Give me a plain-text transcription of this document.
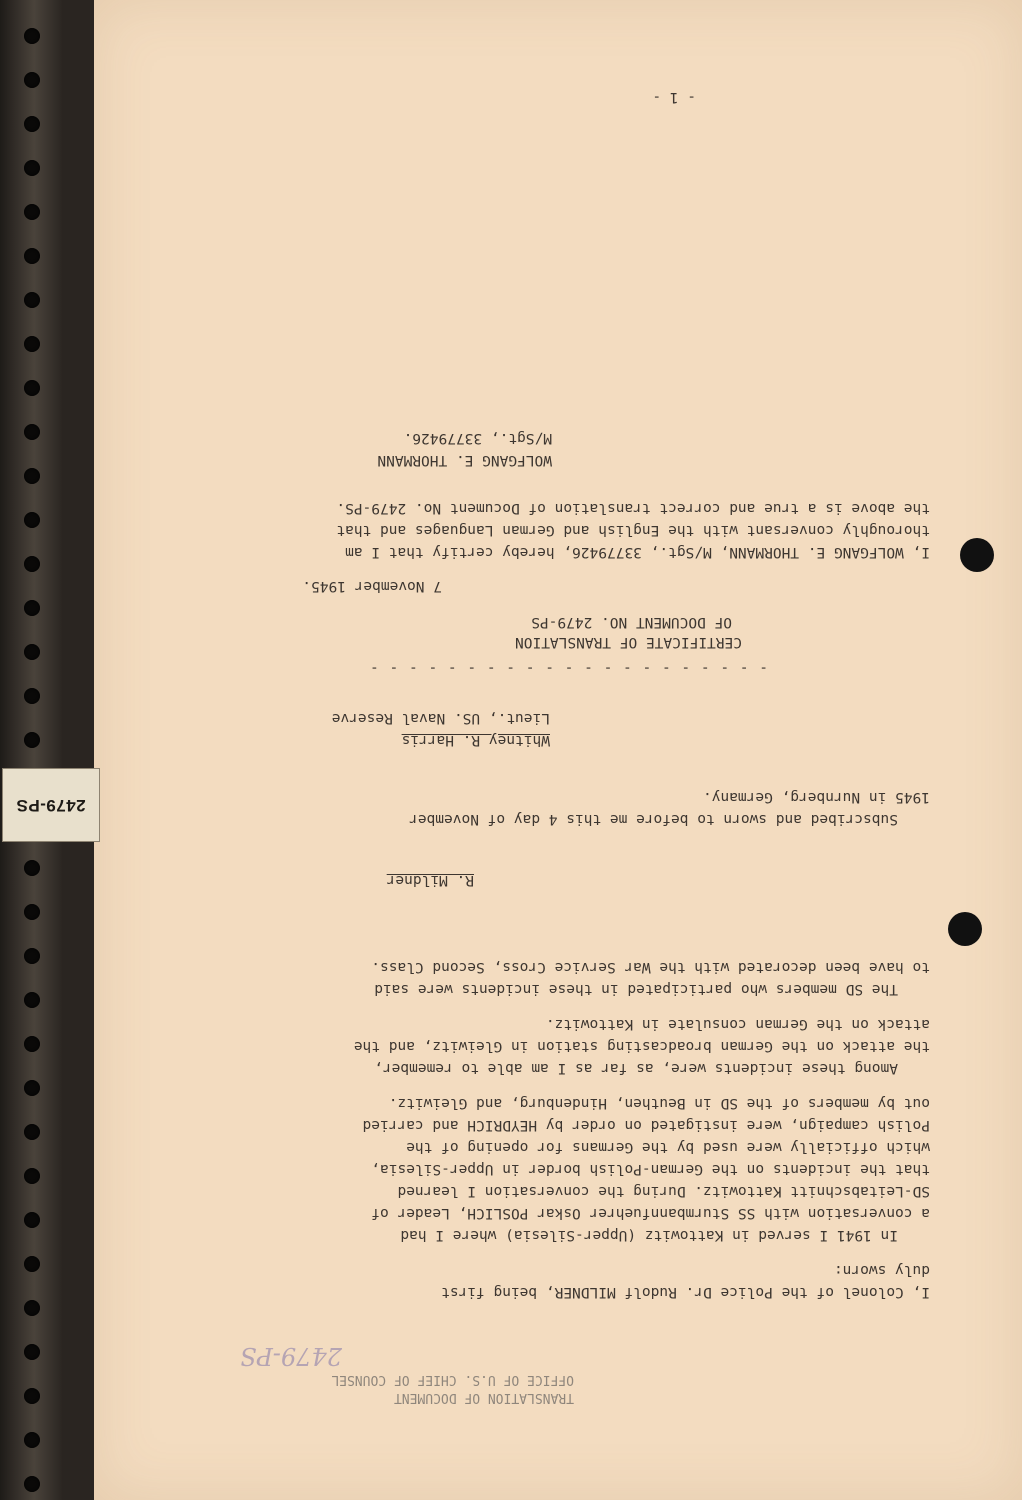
TRANSLATION OF DOCUMENT
OFFICE OF U.S. CHIEF OF COUNSEL
2479-PS
I, Colonel of the Police Dr. Rudolf MILDNER, being first
duly sworn:
In 1941 I served in Kattowitz (Upper-Silesia) where I had
a conversation with SS Sturmbannfuehrer Oskar POSLICH, Leader of
SD-Leitabschnitt Kattowitz. During the conversation I learned
that the incidents on the German-Polish border in Upper-Silesia,
which officially were used by the Germans for opening of the
Polish campaign, were instigated on order by HEYDRICH and carried
out by members of the SD in Beuthen, Hindenburg, and Gleiwitz.
Among these incidents were, as far as I am able to remember,
the attack on the German broadcasting station in Gleiwitz, and the
attack on the German consulate in Kattowitz.
The SD members who participated in these incidents were said
to have been decorated with the War Service Cross, Second Class.
R. Mildner
Subscribed and sworn to before me this 4 day of November
1945 in Nurnberg, Germany.
Whitney R. Harris
Lieut., US. Naval Reserve
- - - - - - - - - - - - - - - - - - - - -
CERTIFICATE OF TRANSLATION
OF DOCUMENT NO. 2479-PS
7 November 1945.
I, WOLFGANG E. THORMANN, M/Sgt., 33779426, hereby certify that I am
thoroughly conversant with the English and German Languages and that
the above is a true and correct translation of Document No. 2479-PS.
WOLFGANG E. THORMANN
M/Sgt., 33779426.
- 1 -
2479-PS
